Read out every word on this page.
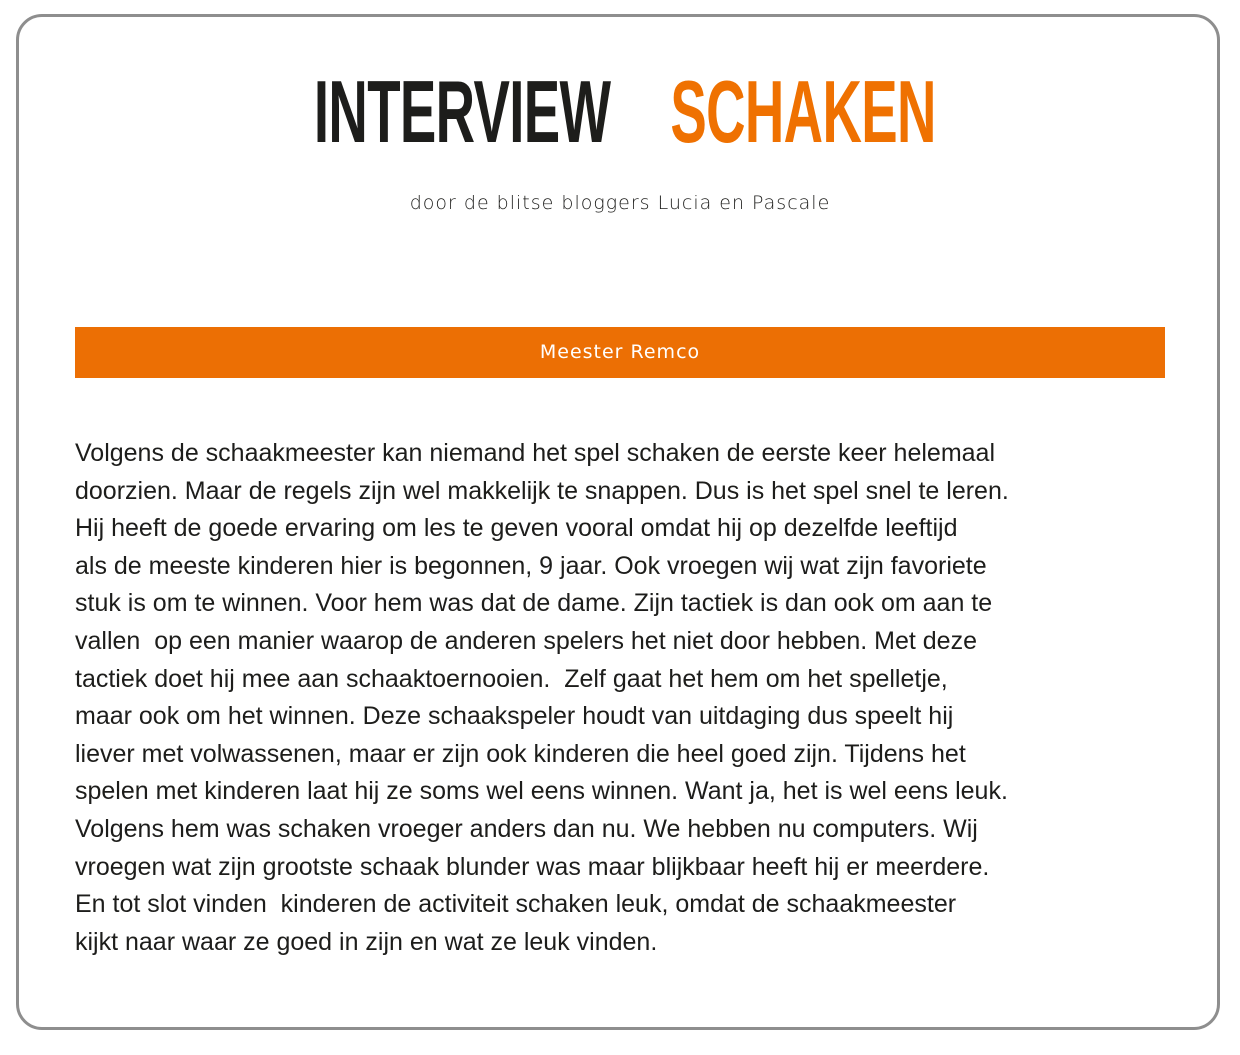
INTERVIEW SCHAKEN
door de blitse bloggers Lucia en Pascale
Meester Remco
Volgens de schaakmeester kan niemand het spel schaken de eerste keer helemaal
doorzien. Maar de regels zijn wel makkelijk te snappen. Dus is het spel snel te leren.
Hij heeft de goede ervaring om les te geven vooral omdat hij op dezelfde leeftijd
als de meeste kinderen hier is begonnen, 9 jaar. Ook vroegen wij wat zijn favoriete
stuk is om te winnen. Voor hem was dat de dame. Zijn tactiek is dan ook om aan te
vallen  op een manier waarop de anderen spelers het niet door hebben. Met deze
tactiek doet hij mee aan schaaktoernooien.  Zelf gaat het hem om het spelletje,
maar ook om het winnen. Deze schaakspeler houdt van uitdaging dus speelt hij
liever met volwassenen, maar er zijn ook kinderen die heel goed zijn. Tijdens het
spelen met kinderen laat hij ze soms wel eens winnen. Want ja, het is wel eens leuk.
Volgens hem was schaken vroeger anders dan nu. We hebben nu computers. Wij
vroegen wat zijn grootste schaak blunder was maar blijkbaar heeft hij er meerdere.
En tot slot vinden  kinderen de activiteit schaken leuk, omdat de schaakmeester
kijkt naar waar ze goed in zijn en wat ze leuk vinden.
